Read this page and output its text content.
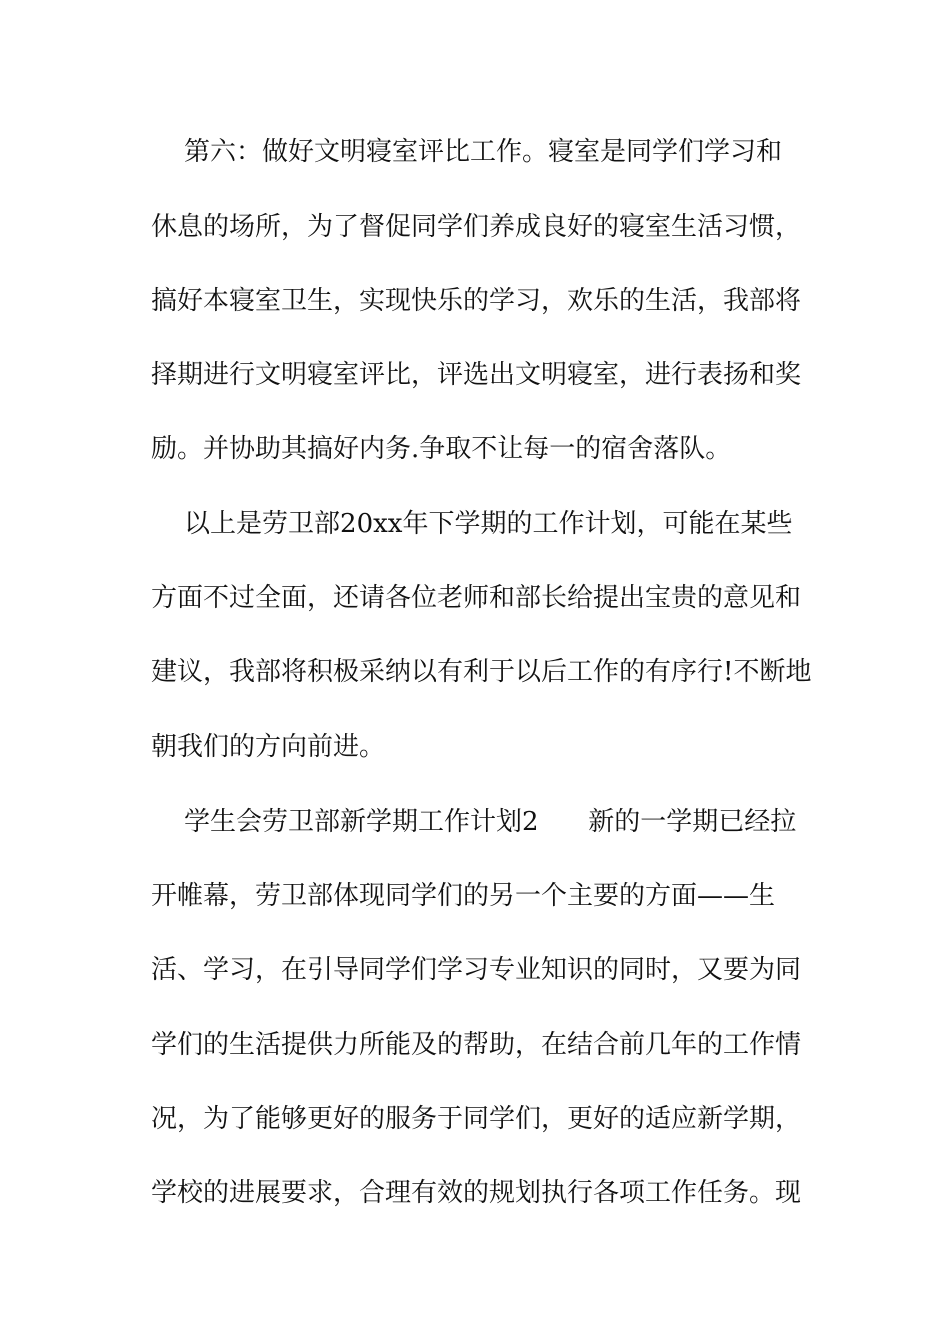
第六：做好文明寝室评比工作。寝室是同学们学习和
休息的场所，为了督促同学们养成良好的寝室生活习惯，
搞好本寝室卫生，实现快乐的学习，欢乐的生活，我部将
择期进行文明寝室评比，评选出文明寝室，进行表扬和奖
励。并协助其搞好内务.争取不让每一的宿舍落队。
以上是劳卫部20xx年下学期的工作计划，可能在某些
方面不过全面，还请各位老师和部长给提出宝贵的意见和
建议，我部将积极采纳以有利于以后工作的有序行!不断地
朝我们的方向前进。
学生会劳卫部新学期工作计划2      新的一学期已经拉
开帷幕，劳卫部体现同学们的另一个主要的方面——生
活、学习，在引导同学们学习专业知识的同时，又要为同
学们的生活提供力所能及的帮助，在结合前几年的工作情
况，为了能够更好的服务于同学们，更好的适应新学期，
学校的进展要求，合理有效的规划执行各项工作任务。现
